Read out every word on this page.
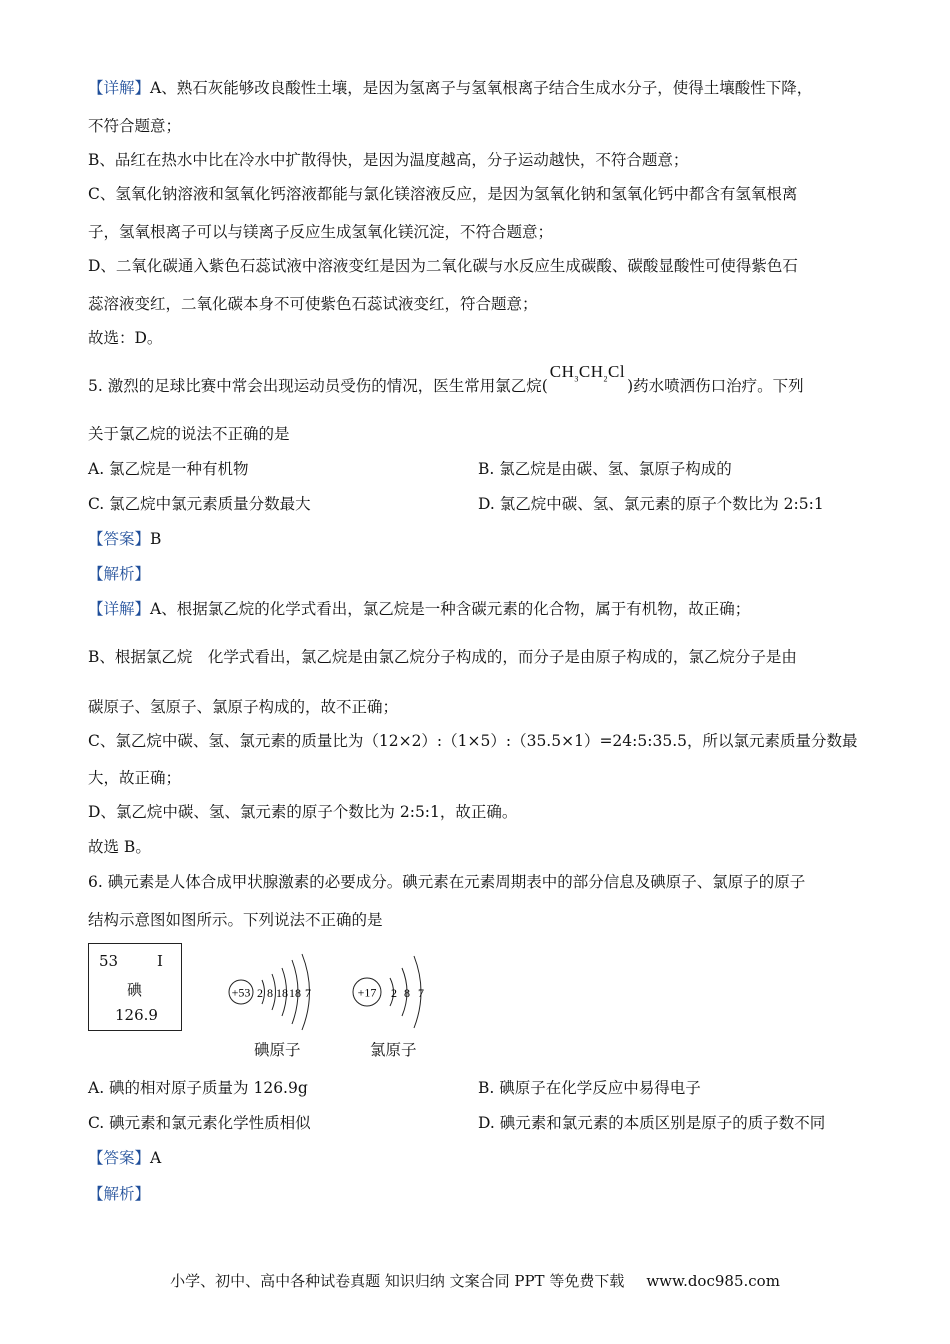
【详解】A、熟石灰能够改良酸性土壤，是因为氢离子与氢氧根离子结合生成水分子，使得土壤酸性下降，
不符合题意；
B、品红在热水中比在冷水中扩散得快，是因为温度越高，分子运动越快，不符合题意；
C、氢氧化钠溶液和氢氧化钙溶液都能与氯化镁溶液反应，是因为氢氧化钠和氢氧化钙中都含有氢氧根离
子，氢氧根离子可以与镁离子反应生成氢氧化镁沉淀，不符合题意；
D、二氧化碳通入紫色石蕊试液中溶液变红是因为二氧化碳与水反应生成碳酸、碳酸显酸性可使得紫色石
蕊溶液变红，二氧化碳本身不可使紫色石蕊试液变红，符合题意；
故选：D。
5. 激烈的足球比赛中常会出现运动员受伤的情况，医生常用氯乙烷$(CH_3CH_2Cl)$药水喷洒伤口治疗。下列
关于氯乙烷的说法不正确的是
A. 氯乙烷是一种有机物	B. 氯乙烷是由碳、氢、氯原子构成的
C. 氯乙烷中氯元素质量分数最大	D. 氯乙烷中碳、氢、氯元素的原子个数比为 2:5:1
【答案】B
【解析】
【详解】A、根据氯乙烷的化学式看出，氯乙烷是一种含碳元素的化合物，属于有机物，故正确；
B、根据氯乙烷　化学式看出，氯乙烷是由氯乙烷分子构成的，而分子是由原子构成的，氯乙烷分子是由
碳原子、氢原子、氯原子构成的，故不正确；
C、氯乙烷中碳、氢、氯元素的质量比为（12×2）:（1×5）:（35.5×1）=24:5:35.5，所以氯元素质量分数最
大，故正确；
D、氯乙烷中碳、氢、氯元素的原子个数比为 2:5:1，故正确。
故选 B。
6. 碘元素是人体合成甲状腺激素的必要成分。碘元素在元素周期表中的部分信息及碘原子、氯原子的原子
结构示意图如图所示。下列说法不正确的是
53	I
碘
126.9
+53 2 8 18 18 7
碘原子
+17 2 8 7
氯原子
A. 碘的相对原子质量为 126.9g	B. 碘原子在化学反应中易得电子
C. 碘元素和氯元素化学性质相似	D. 碘元素和氯元素的本质区别是原子的质子数不同
【答案】A
【解析】
小学、初中、高中各种试卷真题 知识归纳 文案合同 PPT 等免费下载 www.doc985.com
